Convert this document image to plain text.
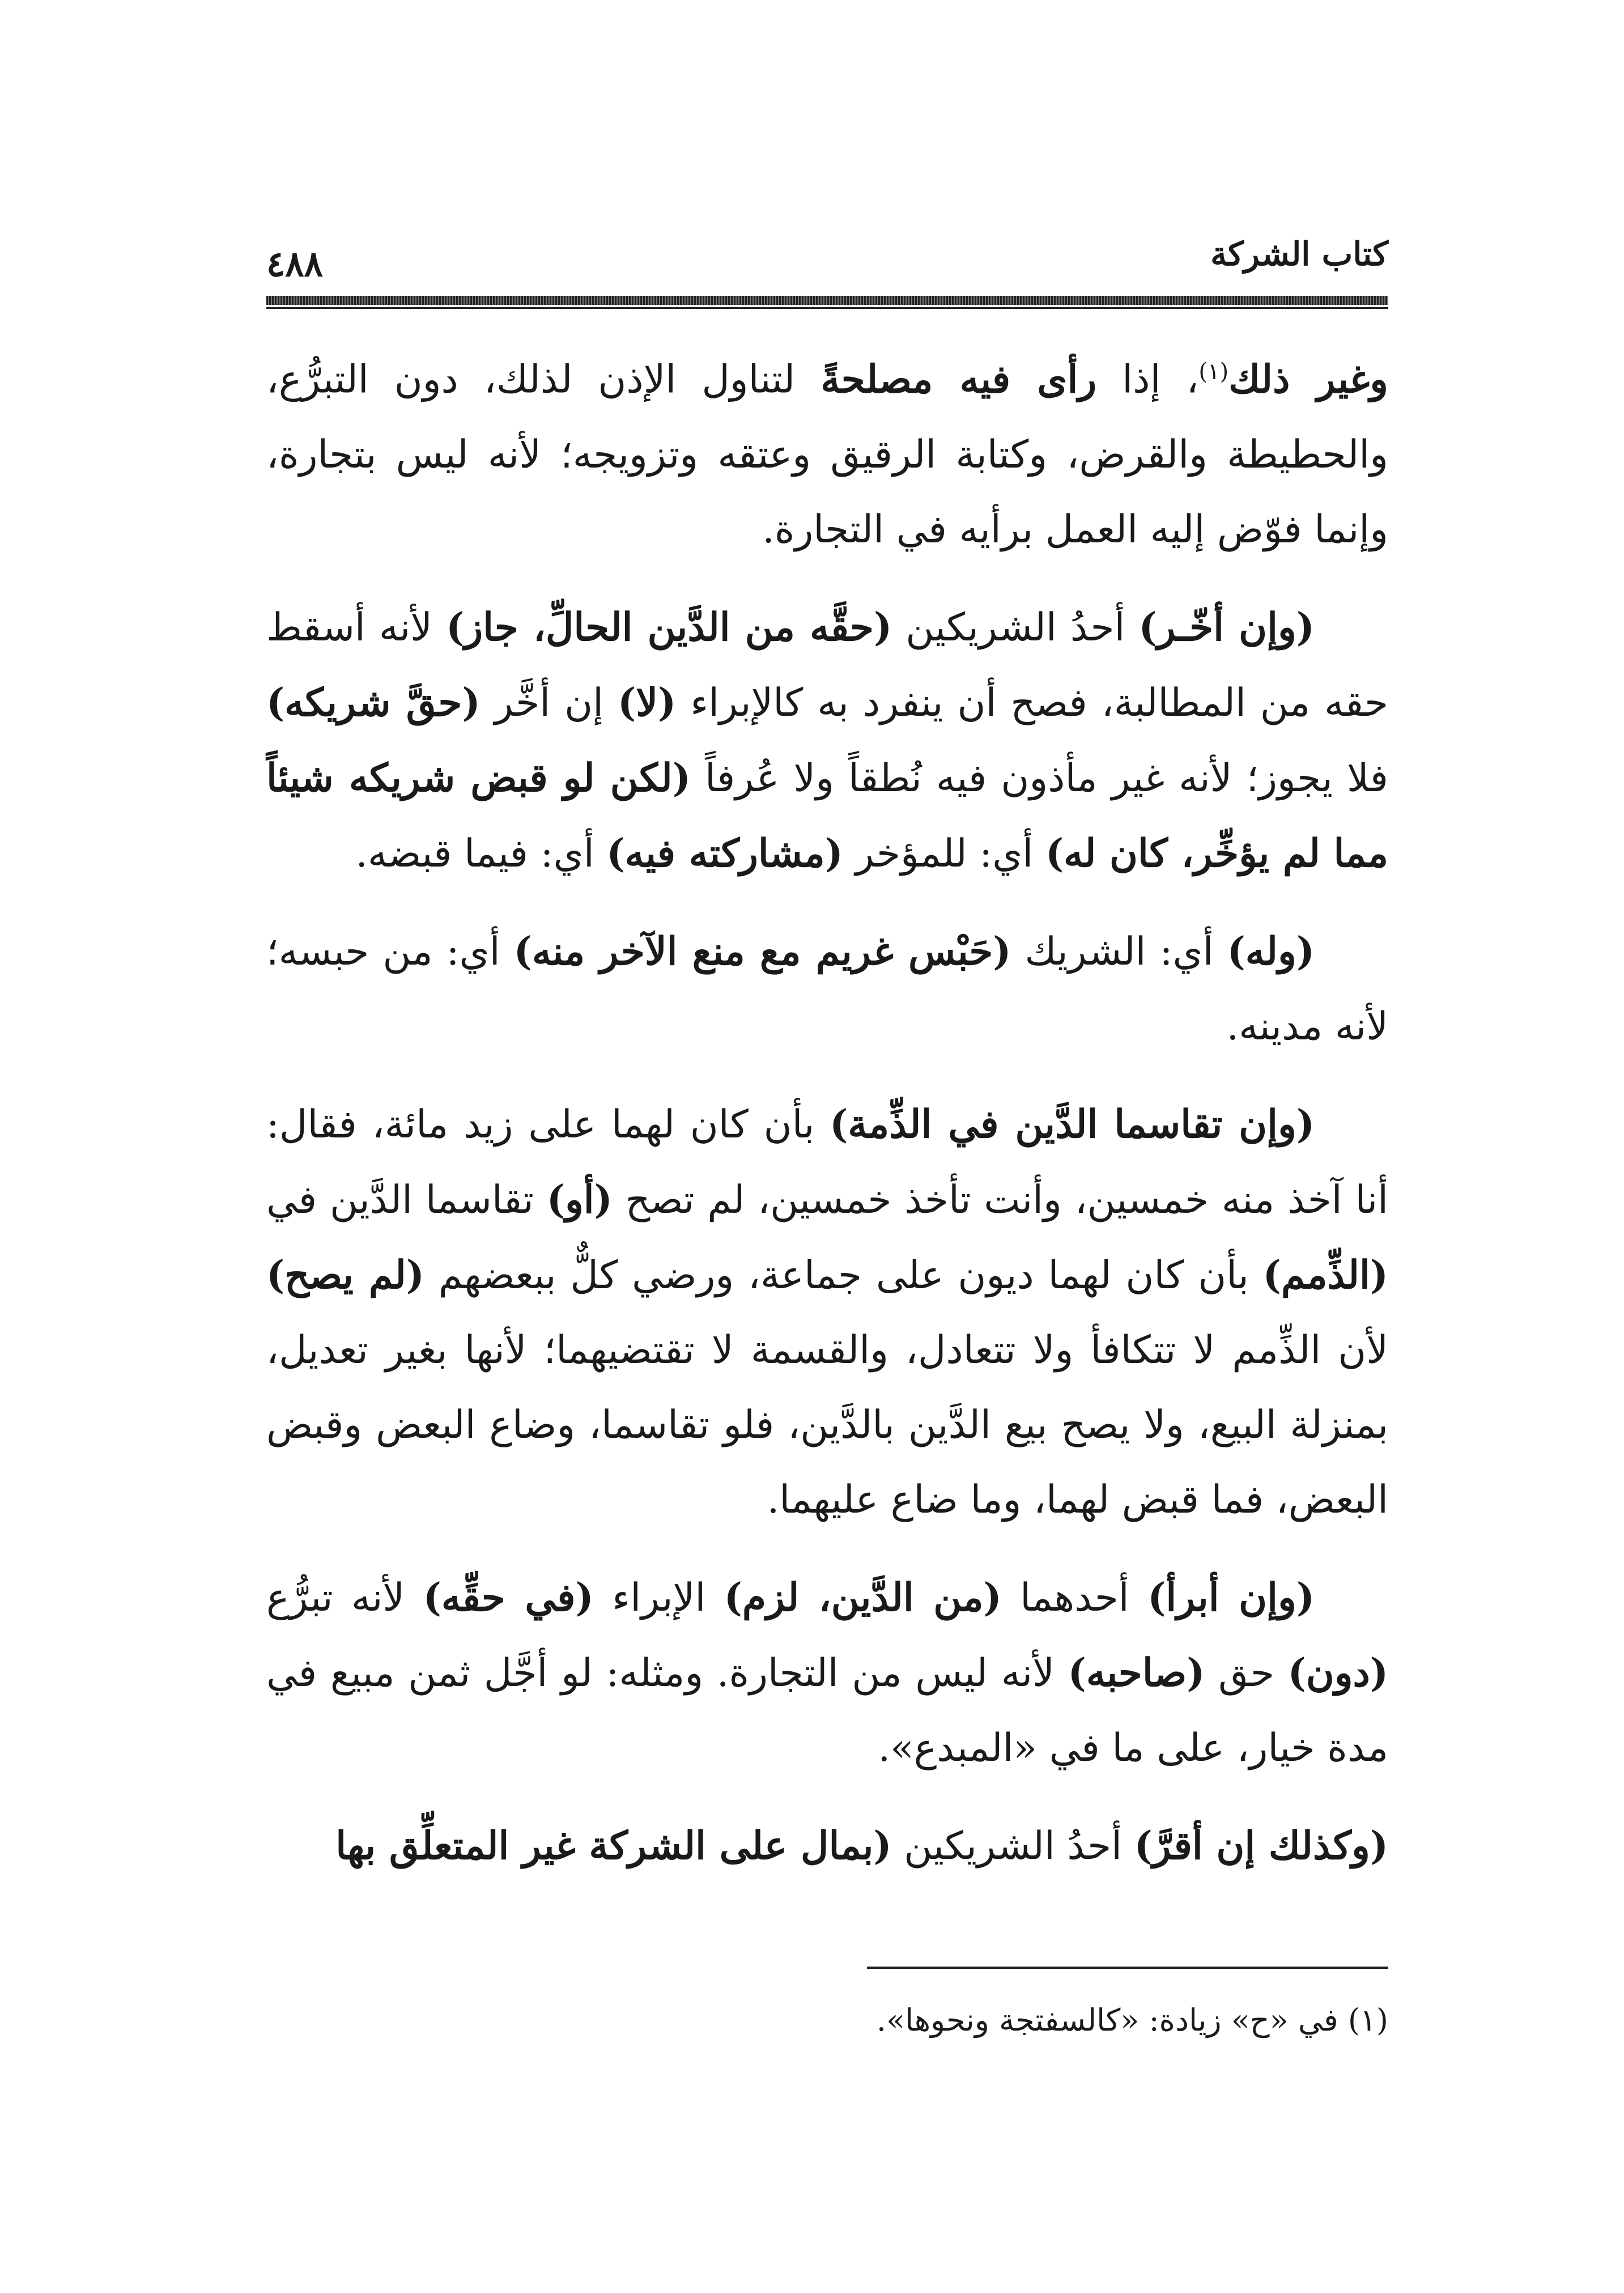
كتاب الشركة
٤٨٨

وغير ذلك$^{(١)}$، إذا رأى فيه مصلحةً لتناول الإذن لذلك، دون التبرُّع، والحطيطة والقرض، وكتابة الرقيق وعتقه وتزويجه؛ لأنه ليس بتجارة، وإنما فوّض إليه العمل برأيه في التجارة.

(وإن أخّـر) أحدُ الشريكين (حقَّه من الدَّين الحالِّ، جاز) لأنه أسقط حقه من المطالبة، فصح أن ينفرد به كالإبراء (لا) إن أخَّر (حقَّ شريكه) فلا يجوز؛ لأنه غير مأذون فيه نُطقاً ولا عُرفاً (لكن لو قبض شريكه شيئاً مما لم يؤخِّر، كان له) أي: للمؤخر (مشاركته فيه) أي: فيما قبضه.

(وله) أي: الشريك (حَبْس غريم مع منع الآخر منه) أي: من حبسه؛ لأنه مدينه.

(وإن تقاسما الدَّين في الذِّمة) بأن كان لهما على زيد مائة، فقال: أنا آخذ منه خمسين، وأنت تأخذ خمسين، لم تصح (أو) تقاسما الدَّين في (الذِّمم) بأن كان لهما ديون على جماعة، ورضي كلٌّ ببعضهم (لم يصح) لأن الذِّمم لا تتكافأ ولا تتعادل، والقسمة لا تقتضيهما؛ لأنها بغير تعديل، بمنزلة البيع، ولا يصح بيع الدَّين بالدَّين، فلو تقاسما، وضاع البعض وقبض البعض، فما قبض لهما، وما ضاع عليهما.

(وإن أبرأ) أحدهما (من الدَّين، لزم) الإبراء (في حقِّه) لأنه تبرُّع (دون) حق (صاحبه) لأنه ليس من التجارة. ومثله: لو أجَّل ثمن مبيع في مدة خيار، على ما في «المبدع».

(وكذلك إن أقرَّ) أحدُ الشريكين (بمال على الشركة غير المتعلِّق بها

(١) في «ح» زيادة: «كالسفتجة ونحوها».
